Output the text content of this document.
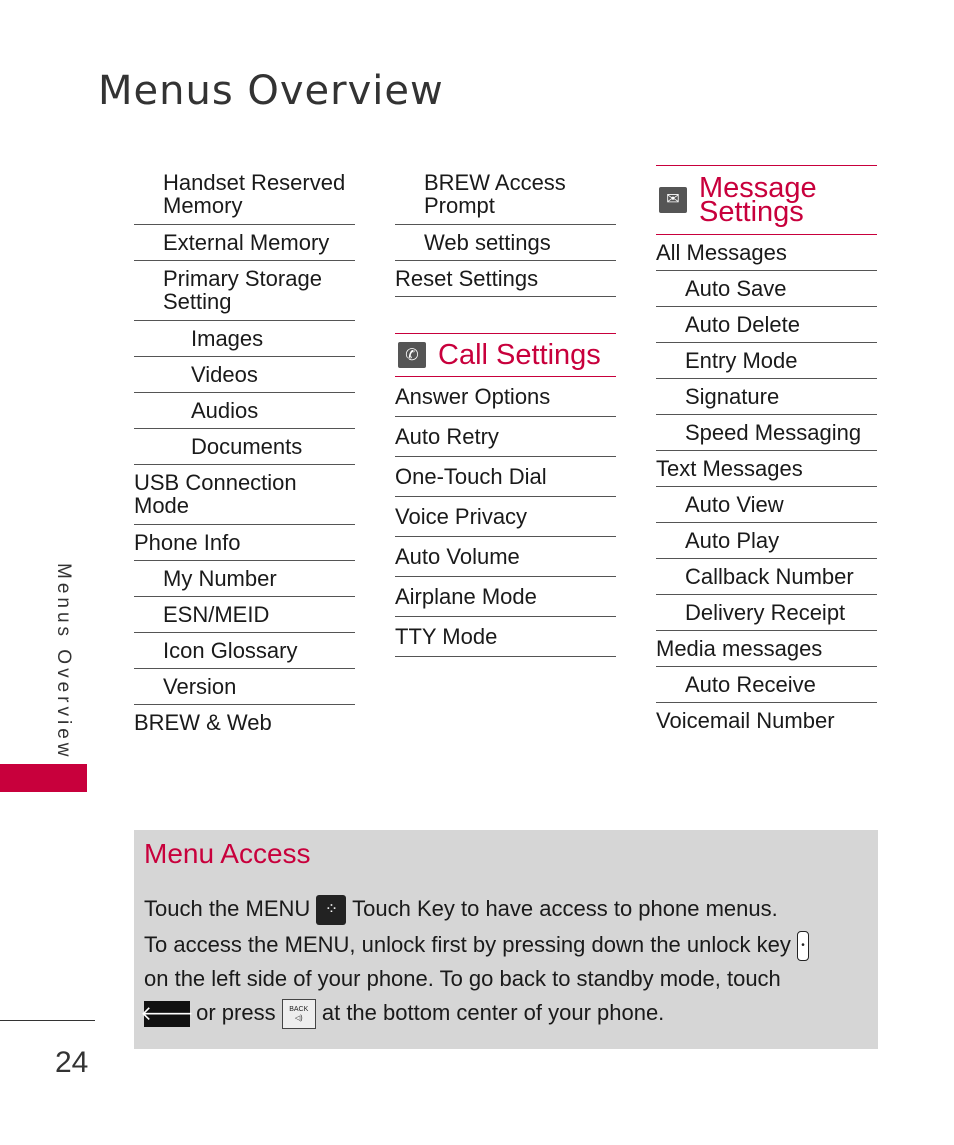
Menus Overview
Handset Reserved Memory
External Memory
Primary Storage Setting
Images
Videos
Audios
Documents
USB Connection Mode
Phone Info
My Number
ESN/MEID
Icon Glossary
Version
BREW & Web
BREW Access Prompt
Web settings
Reset Settings
✆ Call Settings
Answer Options
Auto Retry
One-Touch Dial
Voice Privacy
Auto Volume
Airplane Mode
TTY Mode
✉ Message
Settings
All Messages
Auto Save
Auto Delete
Entry Mode
Signature
Speed Messaging
Text Messages
Auto View
Auto Play
Callback Number
Delivery Receipt
Media messages
Auto Receive
Voicemail Number
Menus Overview
Menu Access

Touch the MENU ⁘ Touch Key to have access to phone menus.

To access the MENU, unlock first by pressing down the unlock key •

on the left side of your phone. To go back to standby mode, touch

🡐 or press BACK
◁) at the bottom center of your phone.

24
